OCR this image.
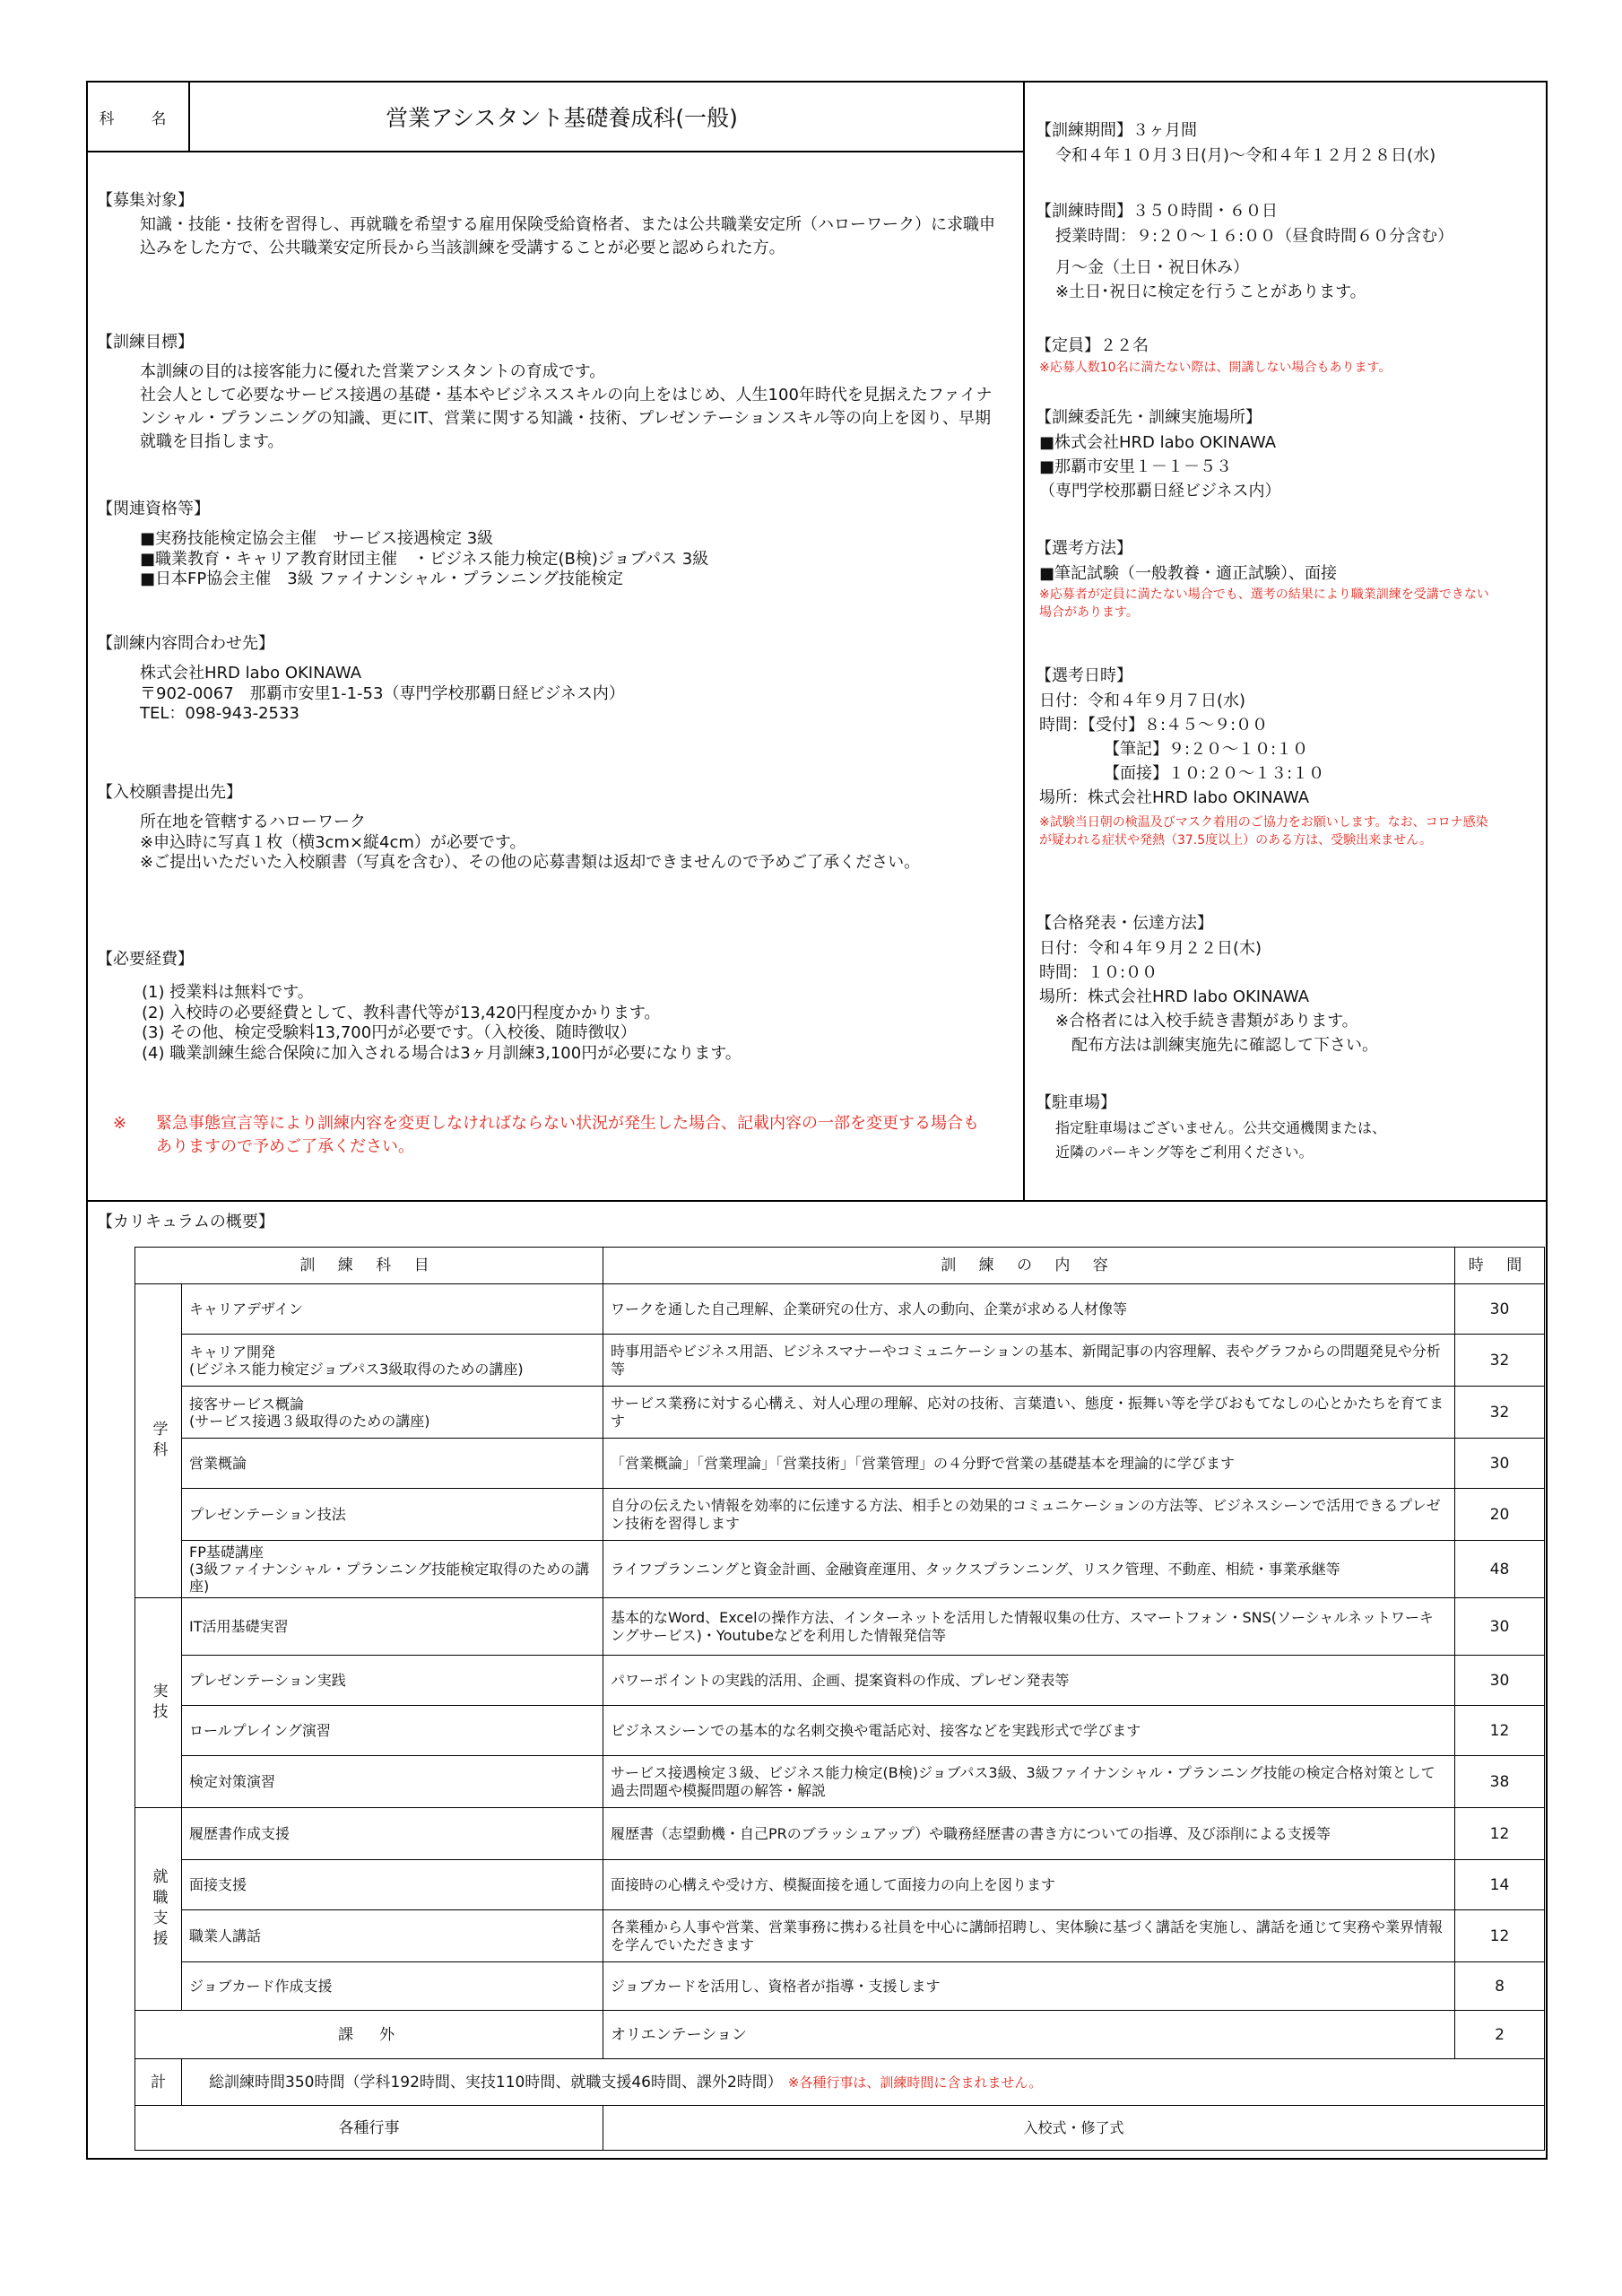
科　名	営業アシスタント基礎養成科(一般)
【募集対象】

知識・技能・技術を習得し、再就職を希望する雇用保険受給資格者、または公共職業安定所（ハローワーク）に求職申込みをした方で、公共職業安定所長から当該訓練を受講することが必要と認められた方。

【訓練目標】

本訓練の目的は接客能力に優れた営業アシスタントの育成です。

社会人として必要なサービス接遇の基礎・基本やビジネススキルの向上をはじめ、人生100年時代を見据えたファイナンシャル・プランニングの知識、更にIT、営業に関する知識・技術、プレゼンテーションスキル等の向上を図り、早期就職を目指します。

【関連資格等】
■実務技能検定協会主催　サービス接遇検定 3級
■職業教育・キャリア教育財団主催　・ビジネス能力検定(B検)ジョブパス 3級
■日本FP協会主催　3級 ファイナンシャル・プランニング技能検定
【訓練内容問合わせ先】
株式会社HRD labo OKINAWA
〒902-0067　那覇市安里1-1-53（専門学校那覇日経ビジネス内）
TEL：098-943-2533
【入校願書提出先】
所在地を管轄するハローワーク
※申込時に写真１枚（横3cm×縦4cm）が必要です。
※ご提出いただいた入校願書（写真を含む）、その他の応募書類は返却できませんので予めご了承ください。
【必要経費】
(1) 授業料は無料です。
(2) 入校時の必要経費として、教科書代等が13,420円程度かかります。
(3) その他、検定受験料13,700円が必要です。（入校後、随時徴収）
(4) 職業訓練生総合保険に加入される場合は3ヶ月訓練3,100円が必要になります。
※	緊急事態宣言等により訓練内容を変更しなければならない状況が発生した場合、記載内容の一部を変更する場合もありますので予めご了承ください。
【訓練期間】３ヶ月間
令和４年１０月３日(月)～令和４年１２月２８日(水)
【訓練時間】３５０時間・６０日
授業時間：９:２０～１６:００（昼食時間６０分含む）
月～金（土日・祝日休み）
※土日･祝日に検定を行うことがあります。
【定員】２２名
※応募人数10名に満たない際は、開講しない場合もあります。
【訓練委託先・訓練実施場所】
■株式会社HRD labo OKINAWA
■那覇市安里１－１－５３
（専門学校那覇日経ビジネス内）
【選考方法】
■筆記試験（一般教養・適正試験）、面接
※応募者が定員に満たない場合でも、選考の結果により職業訓練を受講できない場合があります。
【選考日時】
日付：令和４年９月７日(水)
時間：【受付】８:４５～９:００
【筆記】９:２０～１０:１０
【面接】１０:２０～１３:１０
場所：株式会社HRD labo OKINAWA
※試験当日朝の検温及びマスク着用のご協力をお願いします。なお、コロナ感染が疑われる症状や発熱（37.5度以上）のある方は、受験出来ません。
【合格発表・伝達方法】
日付：令和４年９月２２日(木)
時間：１０:００
場所：株式会社HRD labo OKINAWA
※合格者には入校手続き書類があります。
配布方法は訓練実施先に確認して下さい。
【駐車場】
指定駐車場はございません。公共交通機関または、
近隣のパーキング等をご利用ください。
【カリキュラムの概要】
訓 練 科 目		訓 練 の 内 容	時 間
学科	キャリアデザイン	ワークを通した自己理解、企業研究の仕方、求人の動向、企業が求める人材像等	30
	キャリア開発
(ビジネス能力検定ジョブパス3級取得のための講座)	時事用語やビジネス用語、ビジネスマナーやコミュニケーションの基本、新聞記事の内容理解、表やグラフからの問題発見や分析等	32
	接客サービス概論
(サービス接遇３級取得のための講座)	サービス業務に対する心構え、対人心理の理解、応対の技術、言葉遣い、態度・振舞い等を学びおもてなしの心とかたちを育てます	32
	営業概論	「営業概論」「営業理論」「営業技術」「営業管理」の４分野で営業の基礎基本を理論的に学びます	30
	プレゼンテーション技法	自分の伝えたい情報を効率的に伝達する方法、相手との効果的コミュニケーションの方法等、ビジネスシーンで活用できるプレゼン技術を習得します	20
	FP基礎講座
(3級ファイナンシャル・プランニング技能検定取得のための講座)	ライフプランニングと資金計画、金融資産運用、タックスプランニング、リスク管理、不動産、相続・事業承継等	48
実技	IT活用基礎実習	基本的なWord、Excelの操作方法、インターネットを活用した情報収集の仕方、スマートフォン・SNS(ソーシャルネットワーキングサービス)・Youtubeなどを利用した情報発信等	30
	プレゼンテーション実践	パワーポイントの実践的活用、企画、提案資料の作成、プレゼン発表等	30
	ロールプレイング演習	ビジネスシーンでの基本的な名刺交換や電話応対、接客などを実践形式で学びます	12
	検定対策演習	サービス接遇検定３級、ビジネス能力検定(B検)ジョブパス3級、3級ファイナンシャル・プランニング技能の検定合格対策として過去問題や模擬問題の解答・解説	38
就職支援	履歴書作成支援	履歴書（志望動機・自己PRのブラッシュアップ）や職務経歴書の書き方についての指導、及び添削による支援等	12
	面接支援	面接時の心構えや受け方、模擬面接を通して面接力の向上を図ります	14
	職業人講話	各業種から人事や営業、営業事務に携わる社員を中心に講師招聘し、実体験に基づく講話を実施し、講話を通じて実務や業界情報を学んでいただきます	12
	ジョブカード作成支援	ジョブカードを活用し、資格者が指導・支援します	8
課　外		オリエンテーション	2
計	総訓練時間350時間（学科192時間、実技110時間、就職支援46時間、課外2時間） ※各種行事は、訓練時間に含まれません。		
各種行事		入校式・修了式	
